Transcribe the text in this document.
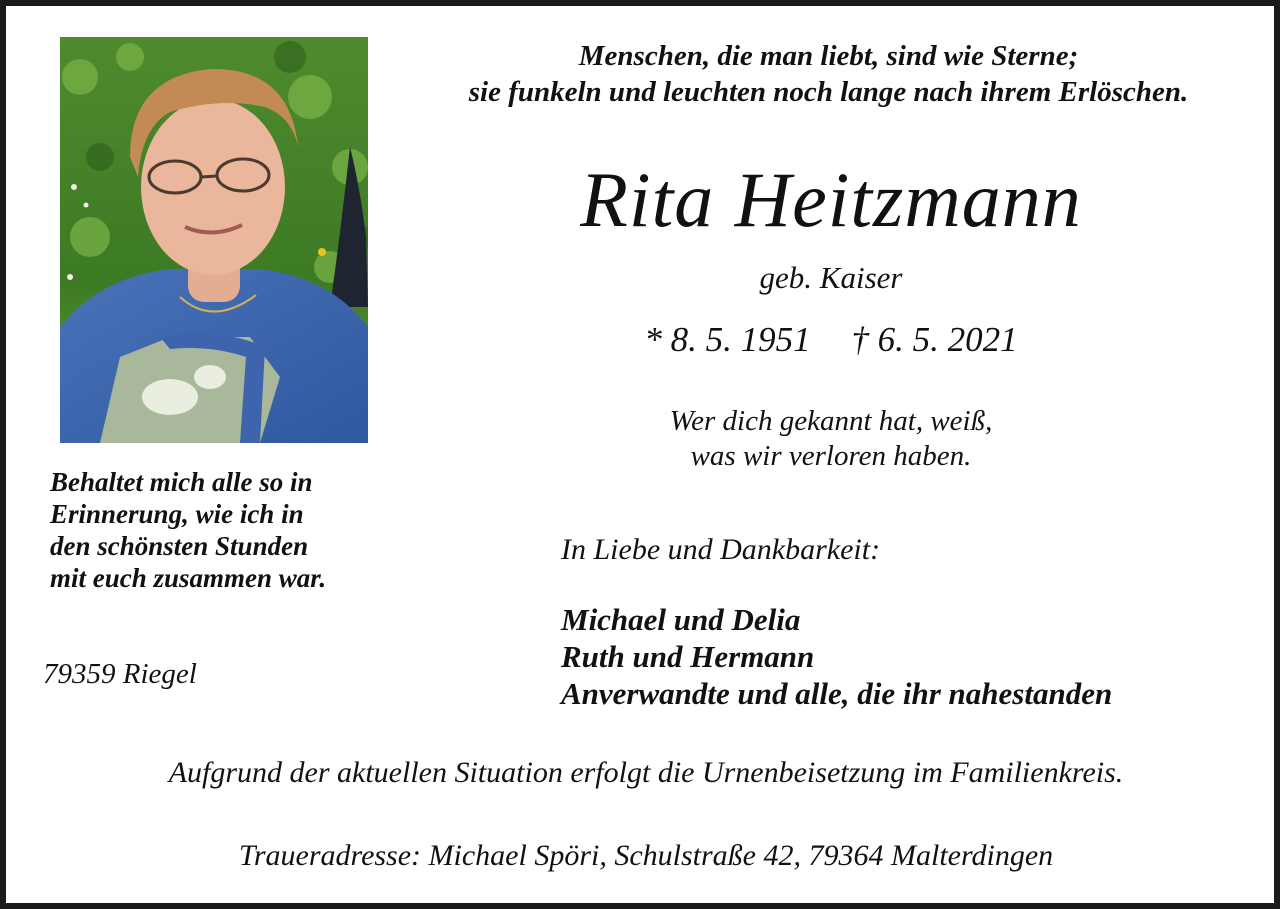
Menschen, die man liebt, sind wie Sterne;
sie funkeln und leuchten noch lange nach ihrem Erlöschen.
Rita Heitzmann
geb. Kaiser
* 8. 5. 1951 † 6. 5. 2021
Wer dich gekannt hat, weiß,
was wir verloren haben.
Behaltet mich alle so in
Erinnerung, wie ich in
den schönsten Stunden
mit euch zusammen war.
79359 Riegel
In Liebe und Dankbarkeit:
Michael und Delia
Ruth und Hermann
Anverwandte und alle, die ihr nahestanden
Aufgrund der aktuellen Situation erfolgt die Urnenbeisetzung im Familienkreis.
Traueradresse: Michael Spöri, Schulstraße 42, 79364 Malterdingen
